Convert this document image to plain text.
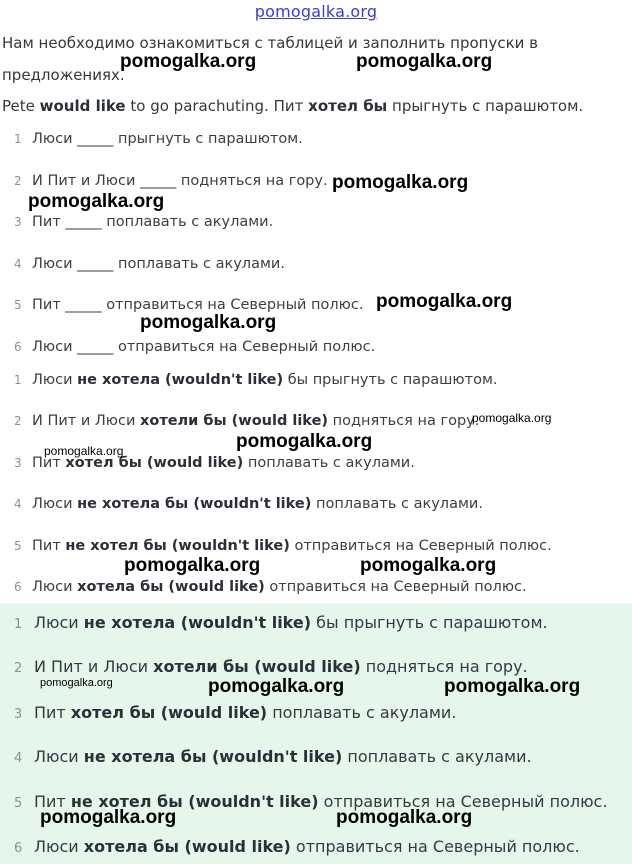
pomogalka.org
Нам необходимо ознакомиться с таблицей и заполнить пропуски в
предложениях.
Pete would like to go parachuting. Пит хотел бы прыгнуть с парашютом.
1 Люси _____ прыгнуть с парашютом.
2 И Пит и Люси _____ подняться на гору.
3 Пит _____ поплавать с акулами.
4 Люси _____ поплавать с акулами.
5 Пит _____ отправиться на Северный полюс.
6 Люси _____ отправиться на Северный полюс.
1 Люси не хотела (wouldn't like) бы прыгнуть с парашютом.
2 И Пит и Люси хотели бы (would like) подняться на гору.
3 Пит хотел бы (would like) поплавать с акулами.
4 Люси не хотела бы (wouldn't like) поплавать с акулами.
5 Пит не хотел бы (wouldn't like) отправиться на Северный полюс.
6 Люси хотела бы (would like) отправиться на Северный полюс.
1 Люси не хотела (wouldn't like) бы прыгнуть с парашютом.
2 И Пит и Люси хотели бы (would like) подняться на гору.
3 Пит хотел бы (would like) поплавать с акулами.
4 Люси не хотела бы (wouldn't like) поплавать с акулами.
5 Пит не хотел бы (wouldn't like) отправиться на Северный полюс.
6 Люси хотела бы (would like) отправиться на Северный полюс.
pomogalka.org	pomogalka.org
pomogalka.org
pomogalka.org
pomogalka.org
pomogalka.org
pomogalka.org
pomogalka.org
pomogalka.org
pomogalka.org	pomogalka.org
pomogalka.org	pomogalka.org	pomogalka.org
pomogalka.org	pomogalka.org
